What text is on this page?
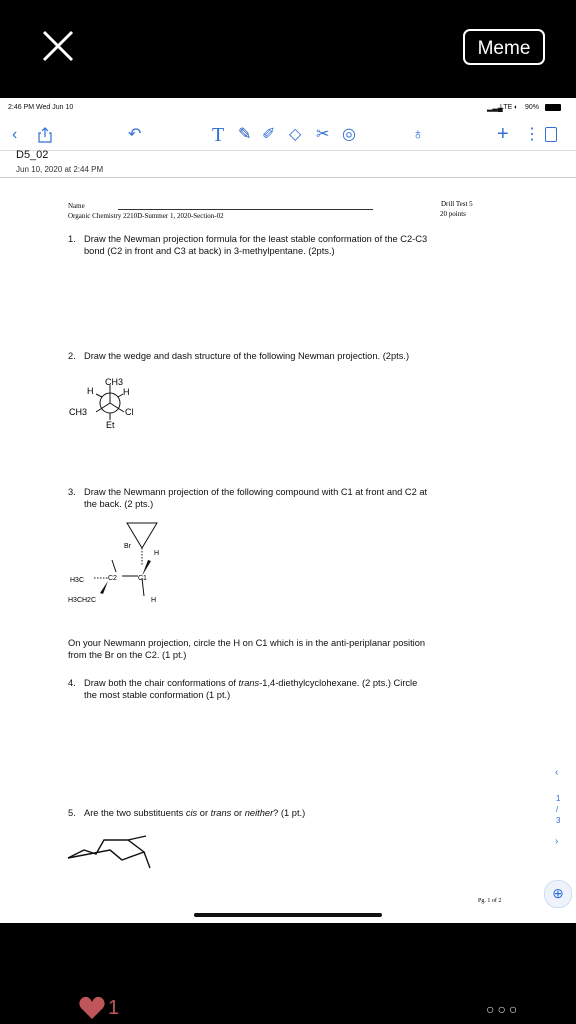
Meme
2:46 PM Wed Jun 10	▂▃▄
LTE ◐ 90%
‹	↶	T ✎ ✐ ◇ ✂ ◎	♁	+ ⋮
D5_02
Jun 10, 2020 at 2:44 PM
Name
Organic Chemistry 2210D-Summer 1, 2020-Section-02
Drill Test 5
20 points
1. Draw the Newman projection formula for the least stable conformation of the C2-C3
bond (C2 in front and C3 at back) in 3-methylpentane. (2pts.)
2. Draw the wedge and dash structure of the following Newman projection. (2pts.)
CH3
H	H
CH3	Cl
Et
3. Draw the Newmann projection of the following compound with C1 at front and C2 at
the back. (2 pts.)
Br
H
C2	C1
H3C
H3CH2C	H
On your Newmann projection, circle the H on C1 which is in the anti-periplanar position
from the Br on the C2. (1 pt.)
4. Draw both the chair conformations of trans-1,4-diethylcyclohexane. (2 pts.) Circle
the most stable conformation (1 pt.)
5. Are the two substituents cis or trans or neither? (1 pt.)
Pg. 1 of 2
‹
1
/
3
›
⊕
1	○○○
